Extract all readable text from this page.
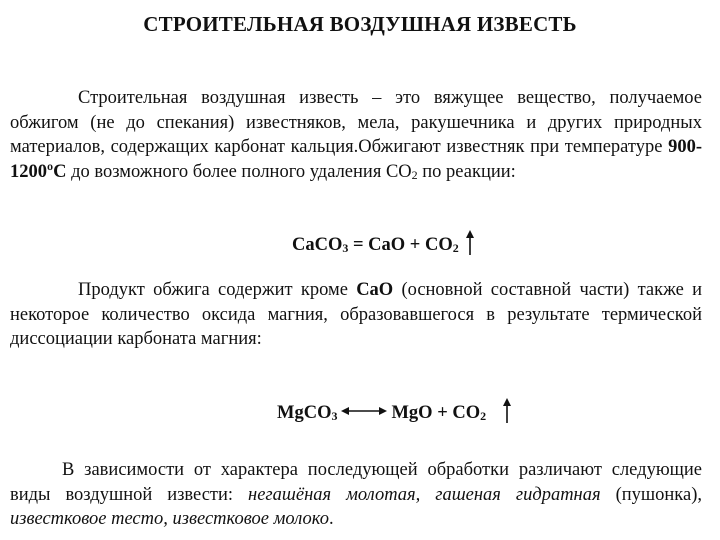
СТРОИТЕЛЬНАЯ ВОЗДУШНАЯ ИЗВЕСТЬ
Строительная воздушная известь – это вяжущее вещество, получаемое обжигом (не до спекания) известняков, мела, ракушечника и других природных материалов, содержащих карбонат кальция.Обжигают известняк при температуре 900- 1200ºС до возможного более полного удаления $CO_2$ по реакции:
CaCO$_3$ = CaO + $CO_2$
Продукт обжига содержит кроме CaO (основной составной части) также и некоторое количество оксида магния, образовавшегося в результате термической диссоциации карбоната магния:
MgCO$_3$	MgO + $CO_2$
В зависимости от характера последующей обработки различают следующие виды воздушной извести: негашёная молотая, гашеная гидратная (пушонка), известковое тесто, известковое молоко.
